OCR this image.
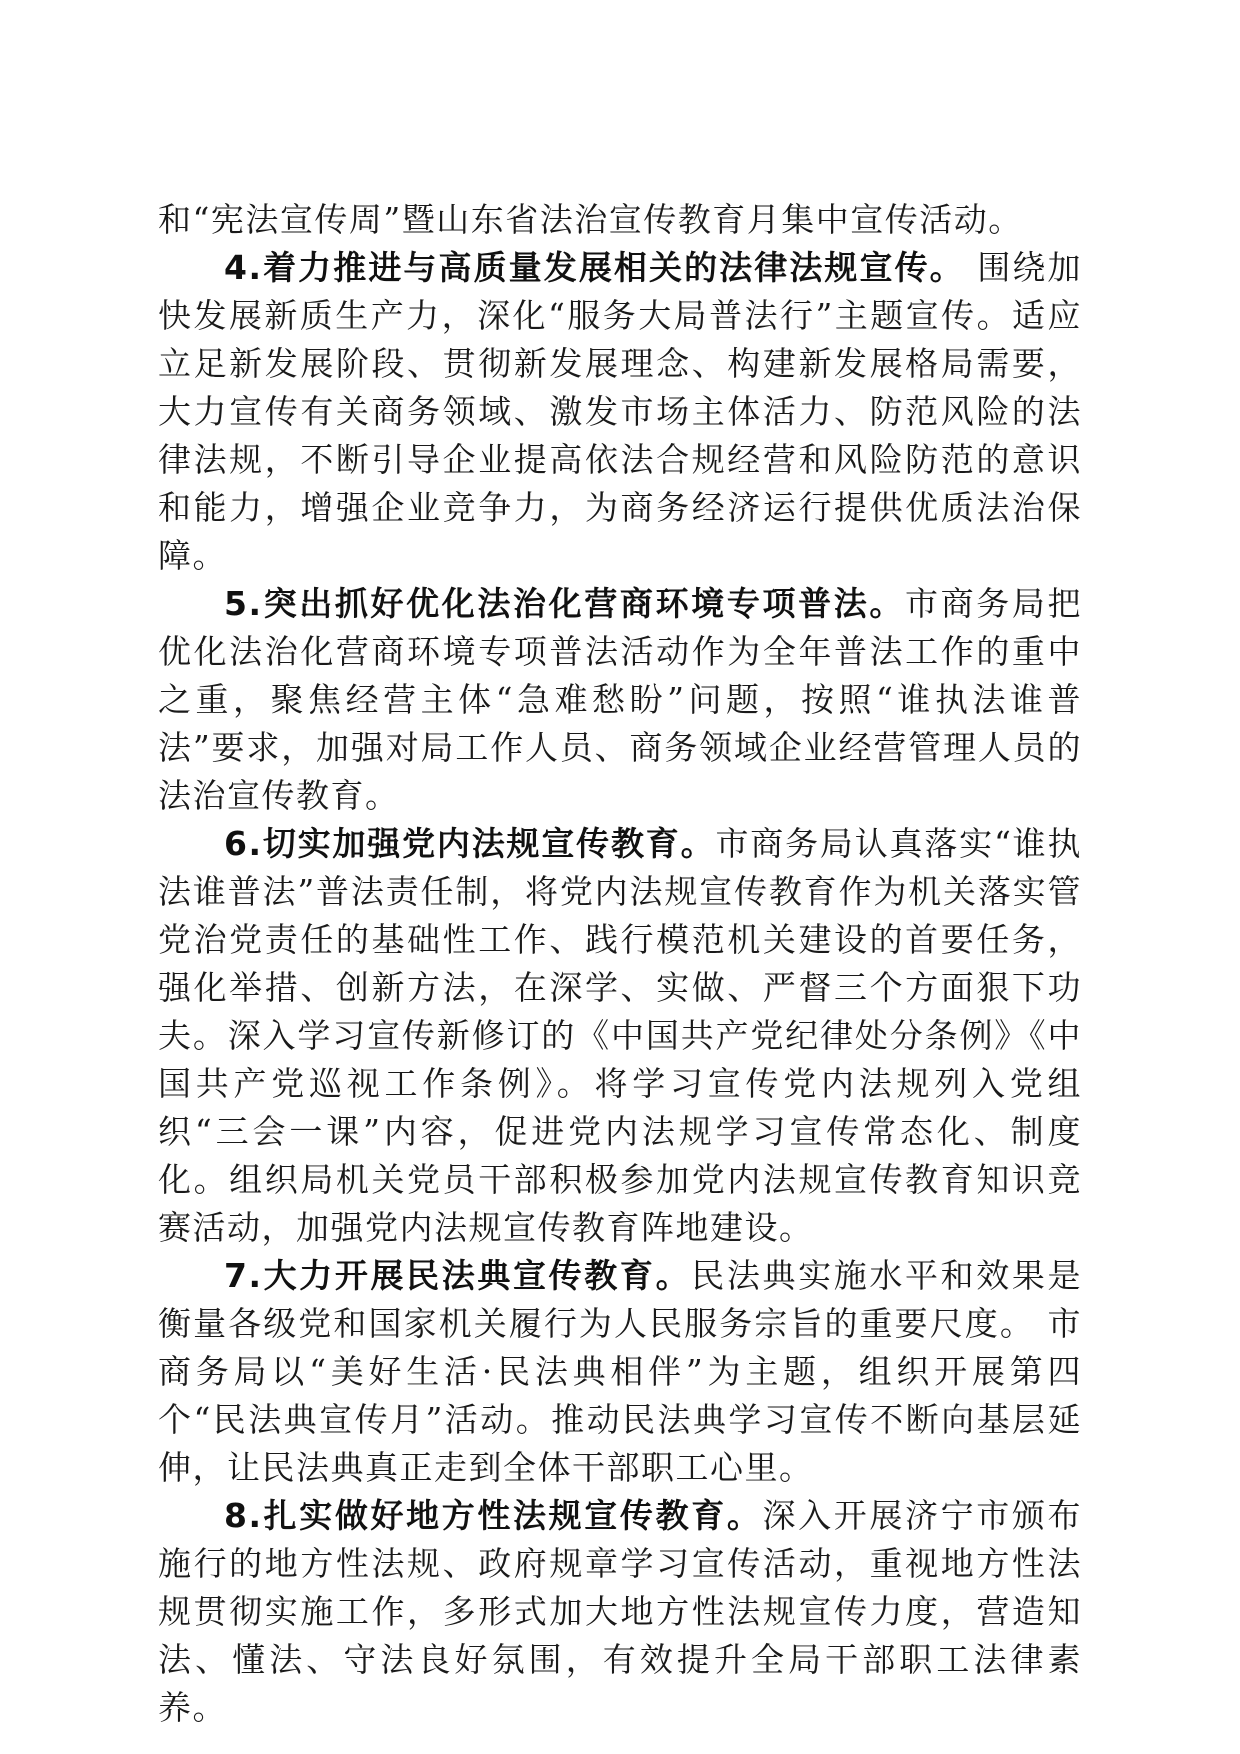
和“宪法宣传周”暨山东省法治宣传教育月集中宣传活动。

4.着力推进与高质量发展相关的法律法规宣传。 围绕加快发展新质生产力，深化“服务大局普法行”主题宣传。适应立足新发展阶段、贯彻新发展理念、构建新发展格局需要，大力宣传有关商务领域、激发市场主体活力、防范风险的法律法规，不断引导企业提高依法合规经营和风险防范的意识和能力，增强企业竞争力，为商务经济运行提供优质法治保障。

5.突出抓好优化法治化营商环境专项普法。市商务局把优化法治化营商环境专项普法活动作为全年普法工作的重中之重，聚焦经营主体“急难愁盼”问题，按照“谁执法谁普法”要求，加强对局工作人员、商务领域企业经营管理人员的法治宣传教育。

6.切实加强党内法规宣传教育。市商务局认真落实“谁执法谁普法”普法责任制，将党内法规宣传教育作为机关落实管党治党责任的基础性工作、践行模范机关建设的首要任务，强化举措、创新方法，在深学、实做、严督三个方面狠下功夫。深入学习宣传新修订的《中国共产党纪律处分条例》《中国共产党巡视工作条例》。将学习宣传党内法规列入党组织“三会一课”内容，促进党内法规学习宣传常态化、制度化。组织局机关党员干部积极参加党内法规宣传教育知识竞赛活动，加强党内法规宣传教育阵地建设。

7.大力开展民法典宣传教育。民法典实施水平和效果是衡量各级党和国家机关履行为人民服务宗旨的重要尺度。 市商务局以“美好生活·民法典相伴”为主题，组织开展第四个“民法典宣传月”活动。推动民法典学习宣传不断向基层延伸，让民法典真正走到全体干部职工心里。

8.扎实做好地方性法规宣传教育。深入开展济宁市颁布施行的地方性法规、政府规章学习宣传活动，重视地方性法规贯彻实施工作，多形式加大地方性法规宣传力度，营造知法、懂法、守法良好氛围，有效提升全局干部职工法律素养。
